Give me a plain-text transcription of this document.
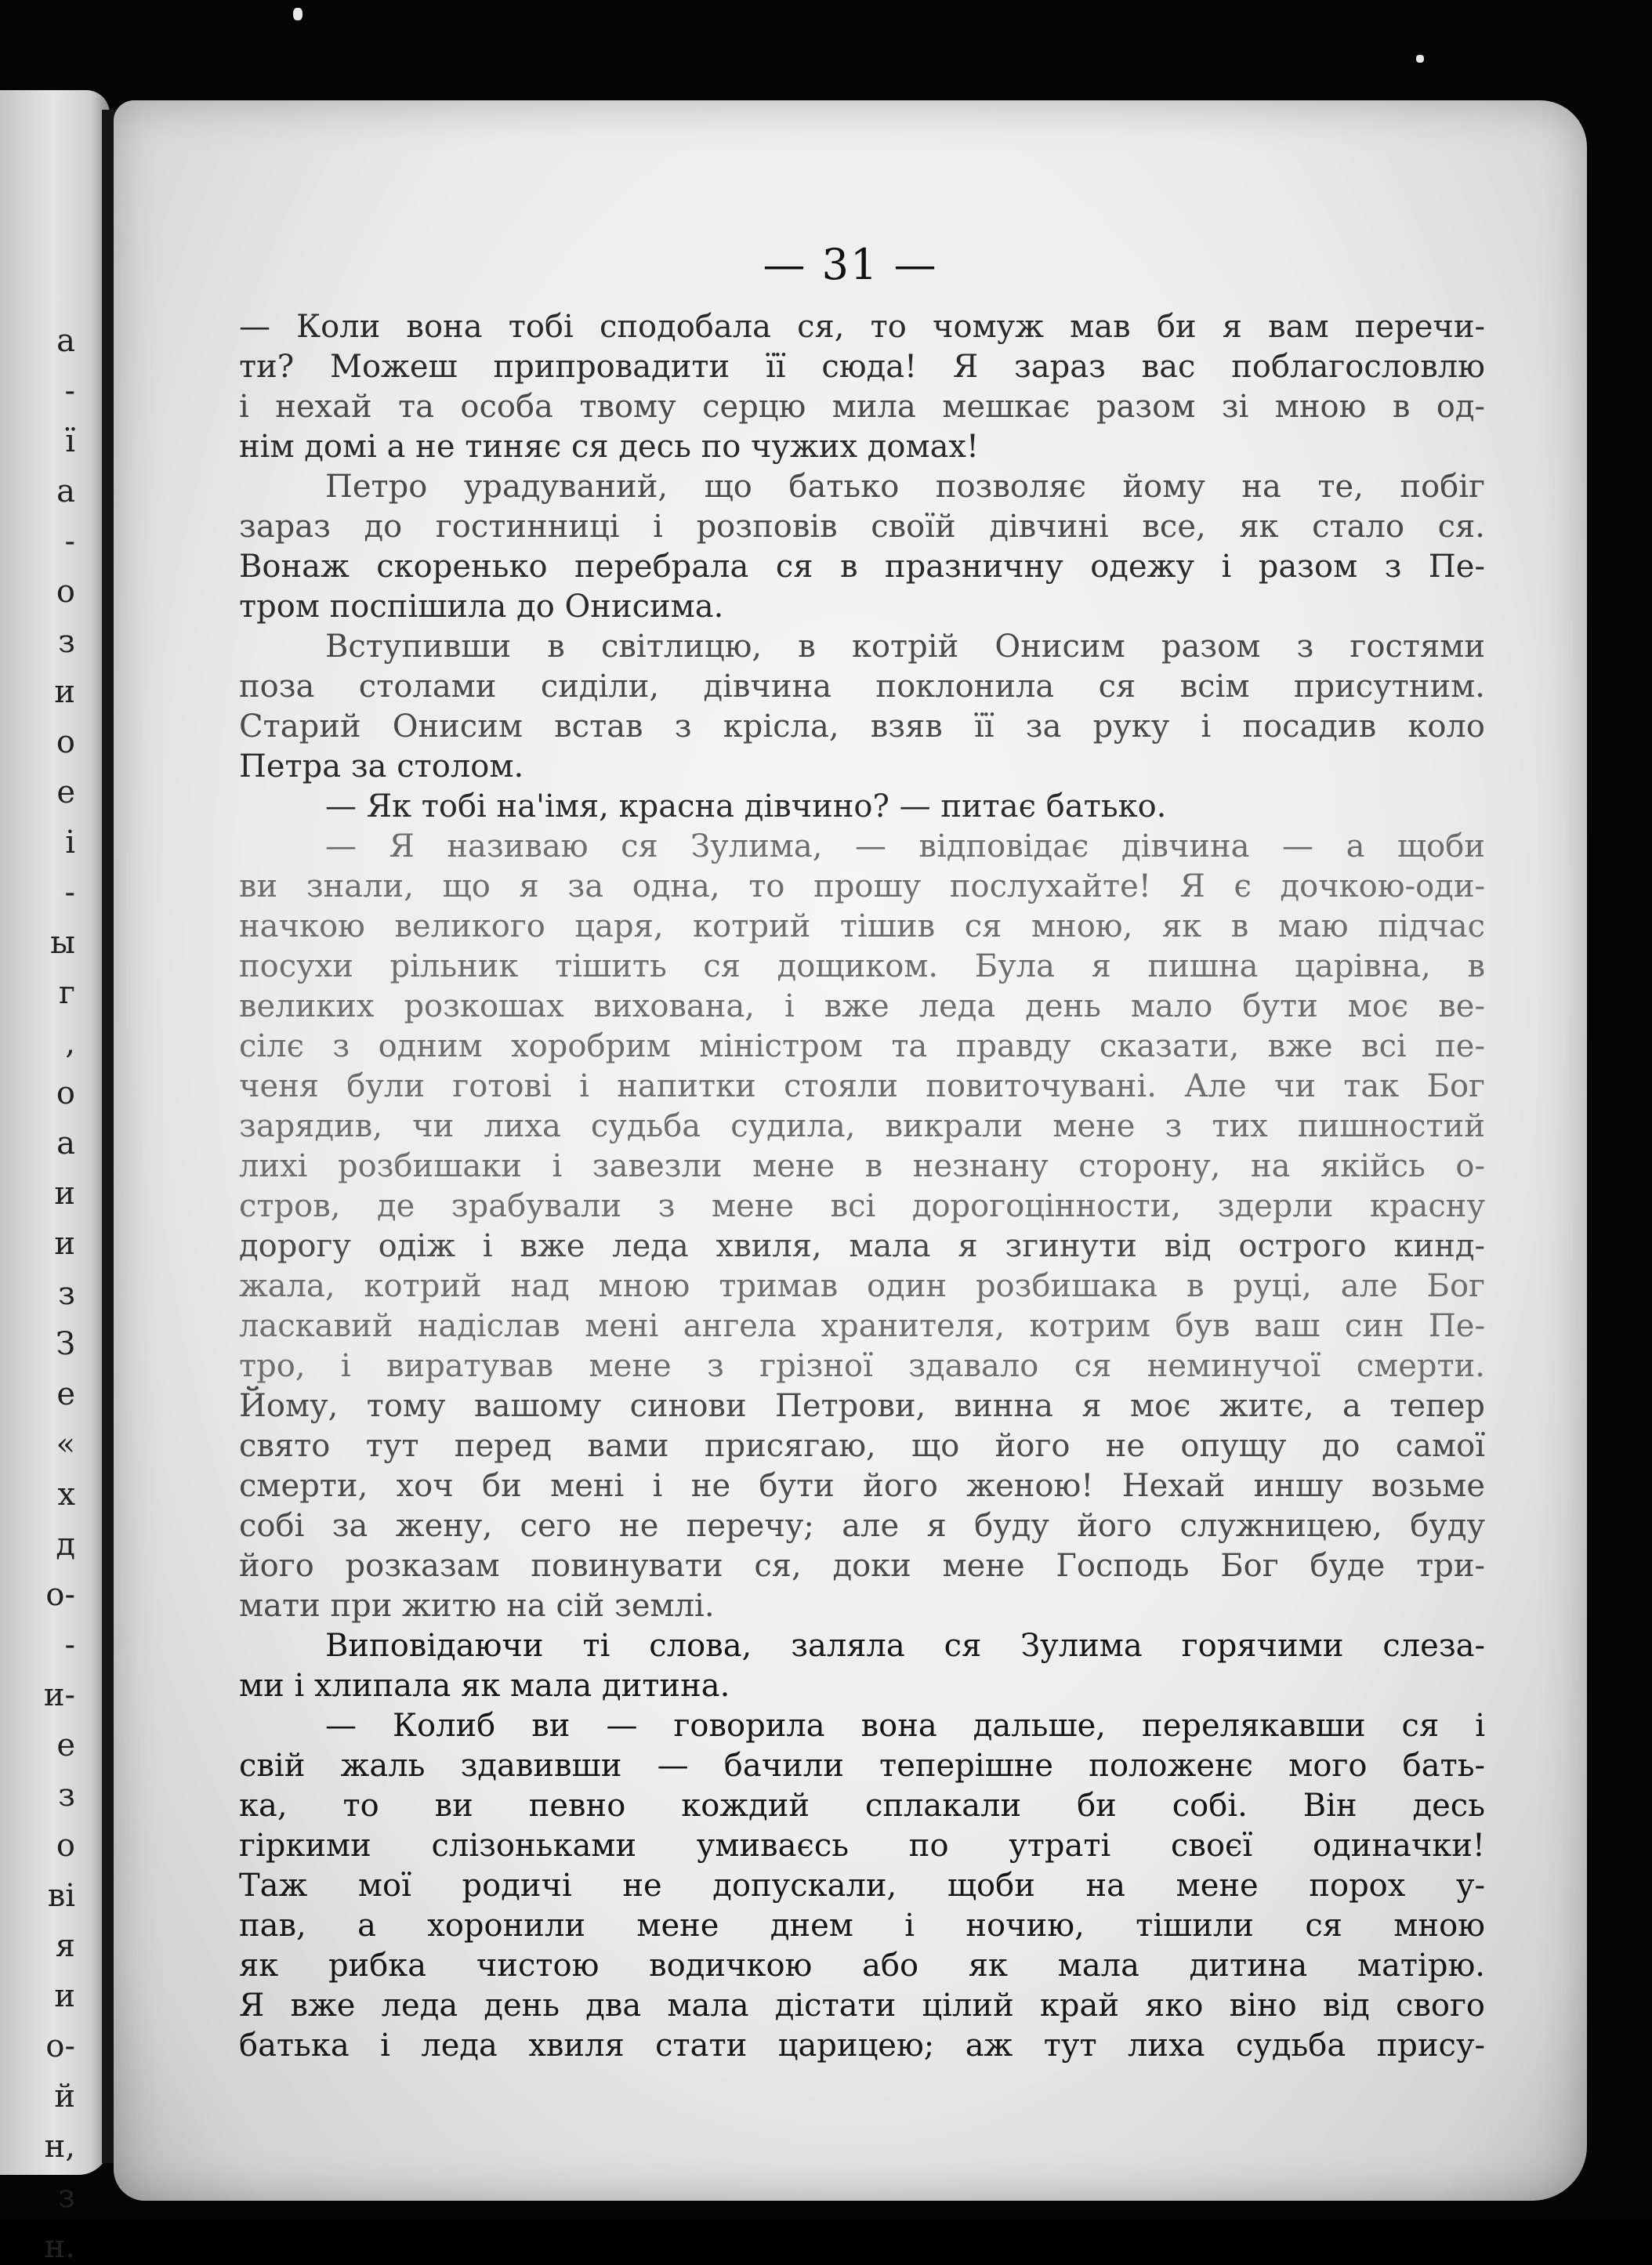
а
-
ї
а
-
о
з
и
о
е
і
-
ы
г
,
о
а
и
и
з
З
е
«
х
д
о-
-
и-
е
з
о
ві
я
и
о-
й
н,
з
н.
— 31 —
— Коли вона тобі сподобала ся, то чомуж мав би я вам перечи-
ти? Можеш припровадити її сюда! Я зараз вас поблагословлю
і нехай та особа твому серцю мила мешкає разом зі мною в од-
нім домі а не тиняє ся десь по чужих домах!
Петро урадуваний, що батько позволяє йому на те, побіг
зараз до гостинниці і розповів своїй дівчині все, як стало ся.
Вонаж скоренько перебрала ся в празничну одежу і разом з Пе-
тром поспішила до Онисима.
Вступивши в світлицю, в котрій Онисим разом з гостями
поза столами сиділи, дівчина поклонила ся всім присутним.
Старий Онисим встав з крісла, взяв її за руку і посадив коло
Петра за столом.
— Як тобі на'імя, красна дівчино? — питає батько.
— Я називаю ся Зулима, — відповідає дівчина — а щоби
ви знали, що я за одна, то прошу послухайте! Я є дочкою-оди-
начкою великого царя, котрий тішив ся мною, як в маю підчас
посухи рільник тішить ся дощиком. Була я пишна царівна, в
великих розкошах вихована, і вже леда день мало бути моє ве-
сілє з одним хоробрим міністром та правду сказати, вже всі пе-
ченя були готові і напитки стояли повиточувані. Але чи так Бог
зарядив, чи лиха судьба судила, викрали мене з тих пишностий
лихі розбишаки і завезли мене в незнану сторону, на якійсь о-
стров, де зрабували з мене всі дорогоцінности, здерли красну
дорогу одіж і вже леда хвиля, мала я згинути від острого кинд-
жала, котрий над мною тримав один розбишака в руці, але Бог
ласкавий надіслав мені ангела хранителя, котрим був ваш син Пе-
тро, і виратував мене з грізної здавало ся неминучої смерти.
Йому, тому вашому синови Петрови, винна я моє житє, а тепер
свято тут перед вами присягаю, що його не опущу до самої
смерти, хоч би мені і не бути його женою! Нехай иншу возьме
собі за жену, сего не перечу; але я буду його служницею, буду
його розказам повинувати ся, доки мене Господь Бог буде три-
мати при житю на сій землі.
Виповідаючи ті слова, заляла ся Зулима горячими слеза-
ми і хлипала як мала дитина.
— Колиб ви — говорила вона дальше, перелякавши ся і
свій жаль здавивши — бачили теперішне положенє мого бать-
ка, то ви певно кождий сплакали би собі. Він десь
гіркими слізоньками умиваєсь по утраті своєї одиначки!
Таж мої родичі не допускали, щоби на мене порох у-
пав, а хоронили мене днем і ночию, тішили ся мною
як рибка чистою водичкою або як мала дитина матірю.
Я вже леда день два мала дістати цілий край яко віно від свого
батька і леда хвиля стати царицею; аж тут лиха судьба прису-
